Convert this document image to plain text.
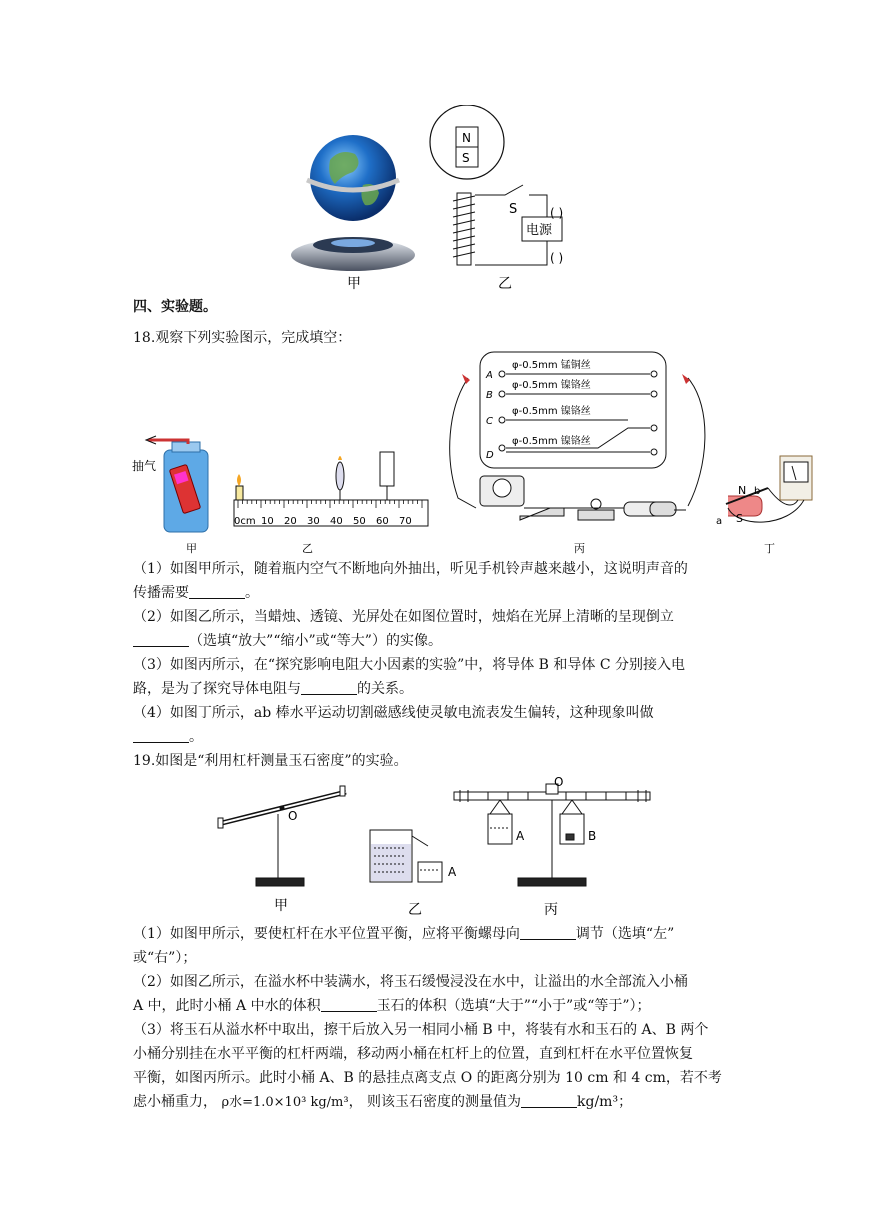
甲
N
S
S
电源
( )
( )
乙
四、实验题。
18.观察下列实验图示，完成填空：
抽气
0cm 10 20 30 40 50 60 70
A
φ-0.5mm 锰铜丝
B
φ-0.5mm 镍铬丝
C
φ-0.5mm 镍铬丝
D
φ-0.5mm 镍铬丝
N
S
a
b
甲	乙	丙	丁
（1）如图甲所示，随着瓶内空气不断地向外抽出，听见手机铃声越来越小，这说明声音的
传播需要	。
（2）如图乙所示，当蜡烛、透镜、光屏处在如图位置时，烛焰在光屏上清晰的呈现倒立
（选填“放大”“缩小”或“等大”）的实像。
（3）如图丙所示，在“探究影响电阻大小因素的实验”中，将导体 B 和导体 C 分别接入电
路，是为了探究导体电阻与	的关系。
（4）如图丁所示，ab 棒水平运动切割磁感线使灵敏电流表发生偏转，这种现象叫做
。
19.如图是“利用杠杆测量玉石密度”的实验。
O
甲
A
乙
O
A	B
丙
（1）如图甲所示，要使杠杆在水平位置平衡，应将平衡螺母向	调节（选填“左”
或“右”）；
（2）如图乙所示，在溢水杯中装满水，将玉石缓慢浸没在水中，让溢出的水全部流入小桶
A 中，此时小桶 A 中水的体积	玉石的体积（选填“大于”“小于”或“等于”）；
（3）将玉石从溢水杯中取出，擦干后放入另一相同小桶 B 中，将装有水和玉石的 A、B 两个
小桶分别挂在水平平衡的杠杆两端，移动两小桶在杠杆上的位置，直到杠杆在水平位置恢复
平衡，如图丙所示。此时小桶 A、B 的悬挂点离支点 O 的距离分别为 10 cm 和 4 cm，若不考
虑小桶重力， ρ水=1.0×10³ kg/m³， 则该玉石密度的测量值为	kg/m³；
